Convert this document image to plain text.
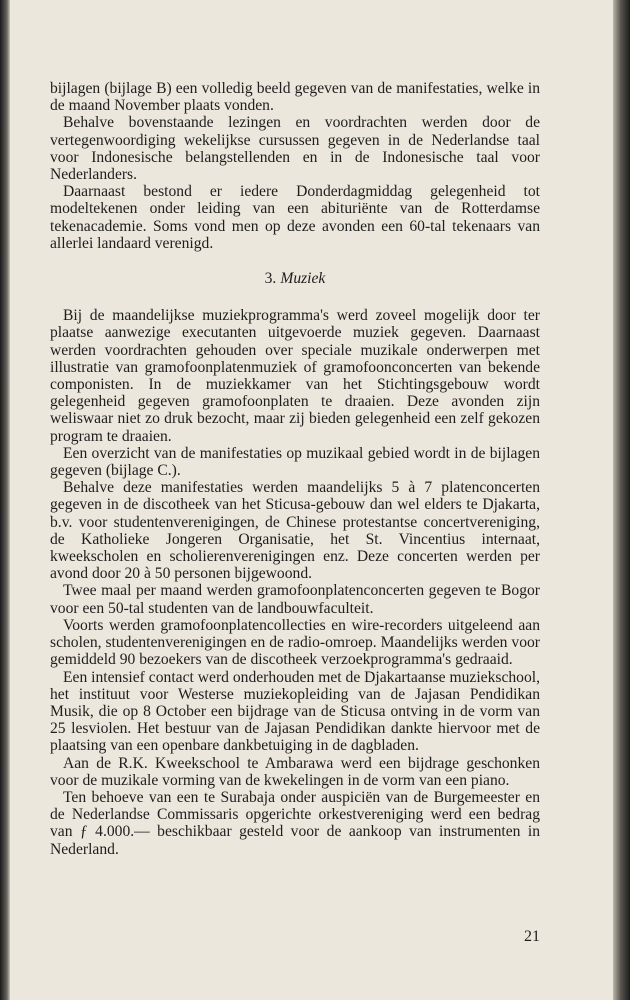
bijlagen (bijlage B) een volledig beeld gegeven van de manifestaties, welke in de maand November plaats vonden.

Behalve bovenstaande lezingen en voordrachten werden door de vertegenwoordiging wekelijkse cursussen gegeven in de Nederlandse taal voor Indonesische belangstellenden en in de Indonesische taal voor Nederlanders.

Daarnaast bestond er iedere Donderdagmiddag gelegenheid tot modeltekenen onder leiding van een abituriënte van de Rotterdamse tekenacademie. Soms vond men op deze avonden een 60-tal tekenaars van allerlei landaard verenigd.

3. Muziek

Bij de maandelijkse muziekprogramma's werd zoveel mogelijk door ter plaatse aanwezige executanten uitgevoerde muziek gegeven. Daarnaast werden voordrachten gehouden over speciale muzikale onderwerpen met illustratie van gramofoonplatenmuziek of gramofoonconcerten van bekende componisten. In de muziekkamer van het Stichtingsgebouw wordt gelegenheid gegeven gramofoonplaten te draaien. Deze avonden zijn weliswaar niet zo druk bezocht, maar zij bieden gelegenheid een zelf gekozen program te draaien.

Een overzicht van de manifestaties op muzikaal gebied wordt in de bijlagen gegeven (bijlage C.).

Behalve deze manifestaties werden maandelijks 5 à 7 platenconcerten gegeven in de discotheek van het Sticusa-gebouw dan wel elders te Djakarta, b.v. voor studentenverenigingen, de Chinese protestantse concertvereniging, de Katholieke Jongeren Organisatie, het St. Vincentius internaat, kweekscholen en scholierenverenigingen enz. Deze concerten werden per avond door 20 à 50 personen bijgewoond.

Twee maal per maand werden gramofoonplatenconcerten gegeven te Bogor voor een 50-tal studenten van de landbouwfaculteit.

Voorts werden gramofoonplatencollecties en wire-recorders uitgeleend aan scholen, studentenverenigingen en de radio-omroep. Maandelijks werden voor gemiddeld 90 bezoekers van de discotheek verzoekprogramma's gedraaid.

Een intensief contact werd onderhouden met de Djakartaanse muziekschool, het instituut voor Westerse muziekopleiding van de Jajasan Pendidikan Musik, die op 8 October een bijdrage van de Sticusa ontving in de vorm van 25 lesviolen. Het bestuur van de Jajasan Pendidikan dankte hiervoor met de plaatsing van een openbare dankbetuiging in de dagbladen.

Aan de R.K. Kweekschool te Ambarawa werd een bijdrage geschonken voor de muzikale vorming van de kwekelingen in de vorm van een piano.

Ten behoeve van een te Surabaja onder auspiciën van de Burgemeester en de Nederlandse Commissaris opgerichte orkestvereniging werd een bedrag van ƒ 4.000.— beschikbaar gesteld voor de aankoop van instrumenten in Nederland.

21
